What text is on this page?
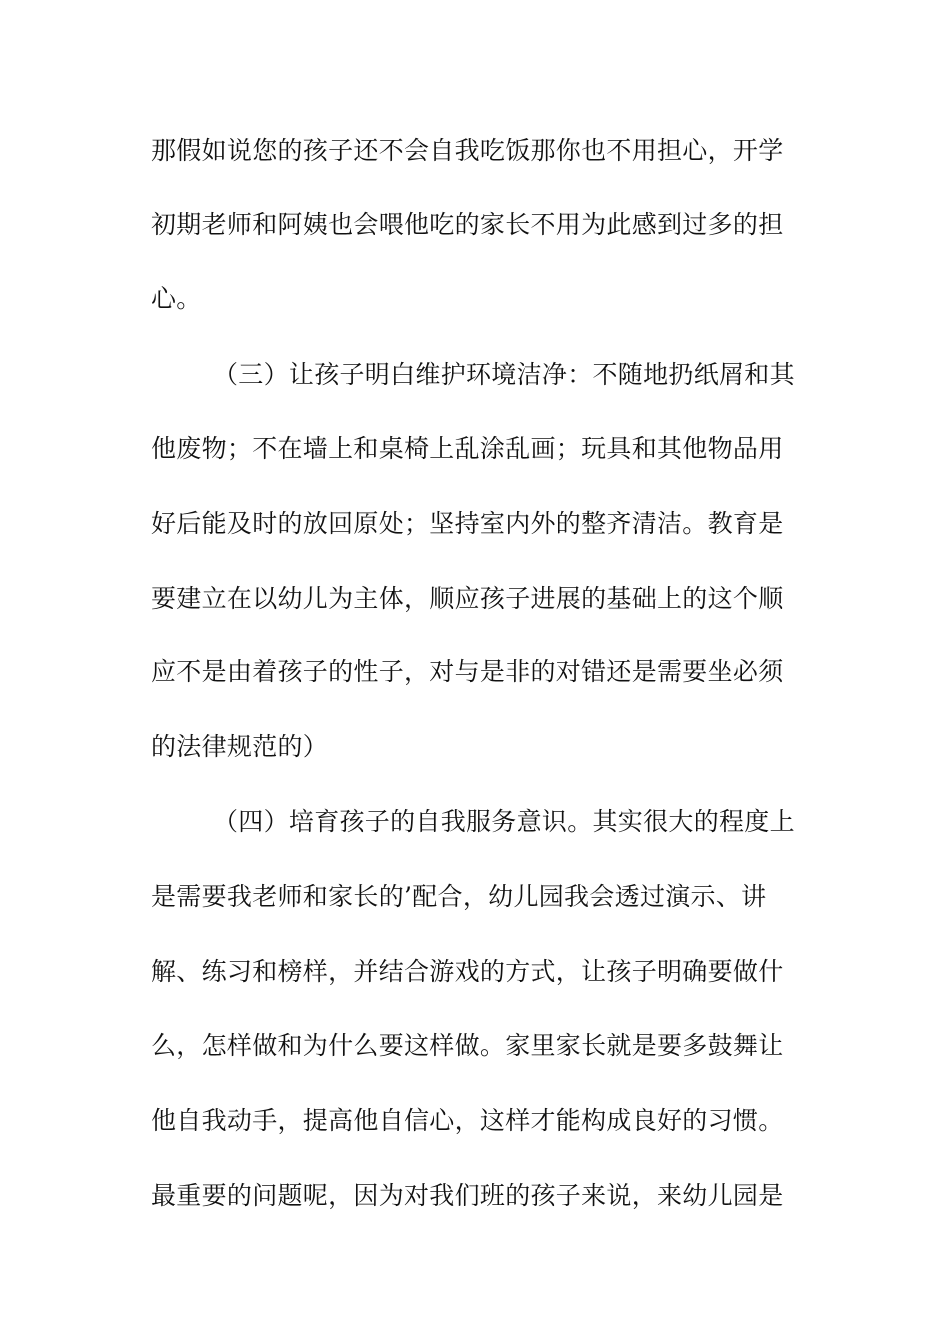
那假如说您的孩子还不会自我吃饭那你也不用担心，开学
初期老师和阿姨也会喂他吃的家长不用为此感到过多的担
心。
（三）让孩子明白维护环境洁净：不随地扔纸屑和其
他废物；不在墙上和桌椅上乱涂乱画；玩具和其他物品用
好后能及时的放回原处；坚持室内外的整齐清洁。教育是
要建立在以幼儿为主体，顺应孩子进展的基础上的这个顺
应不是由着孩子的性子，对与是非的对错还是需要坐必须
的法律规范的）
（四）培育孩子的自我服务意识。其实很大的程度上
是需要我老师和家长的’配合，幼儿园我会透过演示、讲
解、练习和榜样，并结合游戏的方式，让孩子明确要做什
么，怎样做和为什么要这样做。家里家长就是要多鼓舞让
他自我动手，提高他自信心，这样才能构成良好的习惯。
最重要的问题呢，因为对我们班的孩子来说，来幼儿园是
